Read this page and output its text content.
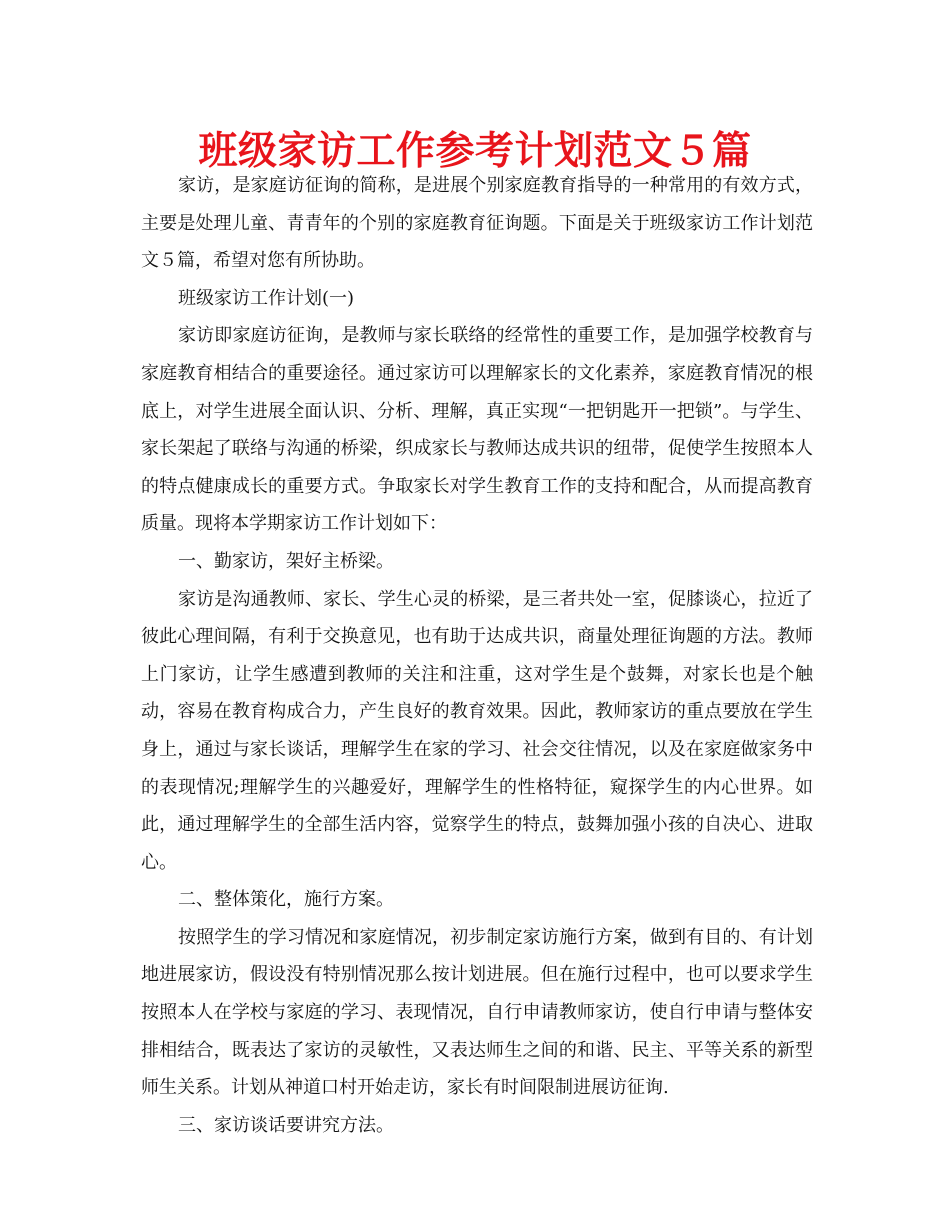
班级家访工作参考计划范文５篇

家访，是家庭访征询的简称，是进展个别家庭教育指导的一种常用的有效方式，主要是处理儿童、青青年的个别的家庭教育征询题。下面是关于班级家访工作计划范文５篇，希望对您有所协助。

班级家访工作计划(一)

家访即家庭访征询，是教师与家长联络的经常性的重要工作，是加强学校教育与家庭教育相结合的重要途径。通过家访可以理解家长的文化素养，家庭教育情况的根底上，对学生进展全面认识、分析、理解，真正实现“一把钥匙开一把锁”。与学生、家长架起了联络与沟通的桥梁，织成家长与教师达成共识的纽带，促使学生按照本人的特点健康成长的重要方式。争取家长对学生教育工作的支持和配合，从而提高教育质量。现将本学期家访工作计划如下：

一、勤家访，架好主桥梁。

家访是沟通教师、家长、学生心灵的桥梁，是三者共处一室，促膝谈心，拉近了彼此心理间隔，有利于交换意见，也有助于达成共识，商量处理征询题的方法。教师上门家访，让学生感遭到教师的关注和注重，这对学生是个鼓舞，对家长也是个触动，容易在教育构成合力，产生良好的教育效果。因此，教师家访的重点要放在学生身上，通过与家长谈话，理解学生在家的学习、社会交往情况，以及在家庭做家务中的表现情况;理解学生的兴趣爱好，理解学生的性格特征，窥探学生的内心世界。如此，通过理解学生的全部生活内容，觉察学生的特点，鼓舞加强小孩的自决心、进取心。

二、整体策化，施行方案。

按照学生的学习情况和家庭情况，初步制定家访施行方案，做到有目的、有计划地进展家访，假设没有特别情况那么按计划进展。但在施行过程中，也可以要求学生按照本人在学校与家庭的学习、表现情况，自行申请教师家访，使自行申请与整体安排相结合，既表达了家访的灵敏性，又表达师生之间的和谐、民主、平等关系的新型师生关系。计划从神道口村开始走访，家长有时间限制进展访征询.

三、家访谈话要讲究方法。
